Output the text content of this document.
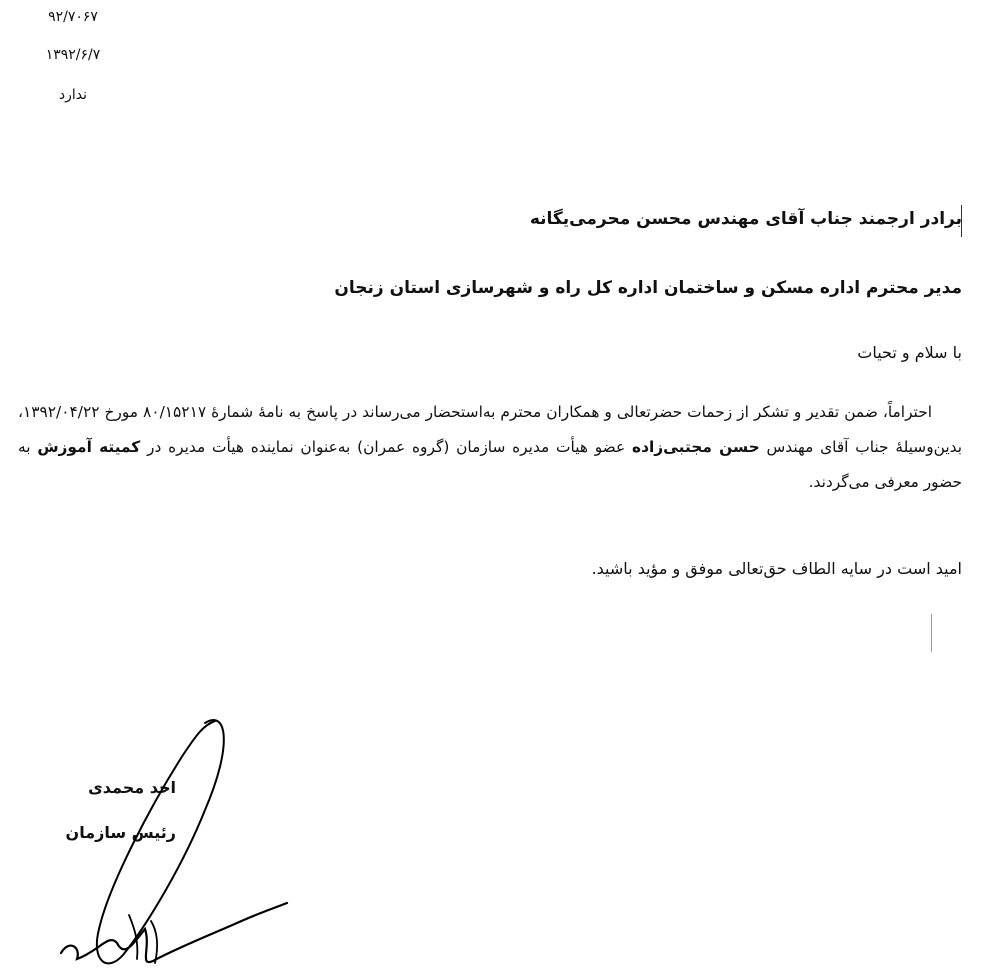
۹۲/۷۰۶۷
۱۳۹۲/۶/۷
ندارد
برادر ارجمند جناب آقای مهندس محسن محرمی‌یگانه
مدیر محترم اداره مسکن و ساختمان اداره کل راه و شهرسازی استان زنجان
با سلام و تحیات

احتراماً، ضمن تقدیر و تشکر از زحمات حضرتعالی و همکاران محترم به‌استحضار می‌رساند در پاسخ به نامهٔ شمارهٔ ۸۰/۱۵۲۱۷ مورخ ۱۳۹۲/۰۴/۲۲، بدین‌وسیلهٔ جناب آقای مهندس حسن مجتبی‌زاده عضو هیأت مدیره سازمان (گروه عمران) به‌عنوان نماینده هیأت مدیره در کمیته آموزش به حضور معرفی می‌گردند.

امید است در سایه الطاف حق‌تعالی موفق و مؤید باشید.
احد محمدی
رئیس سازمان
